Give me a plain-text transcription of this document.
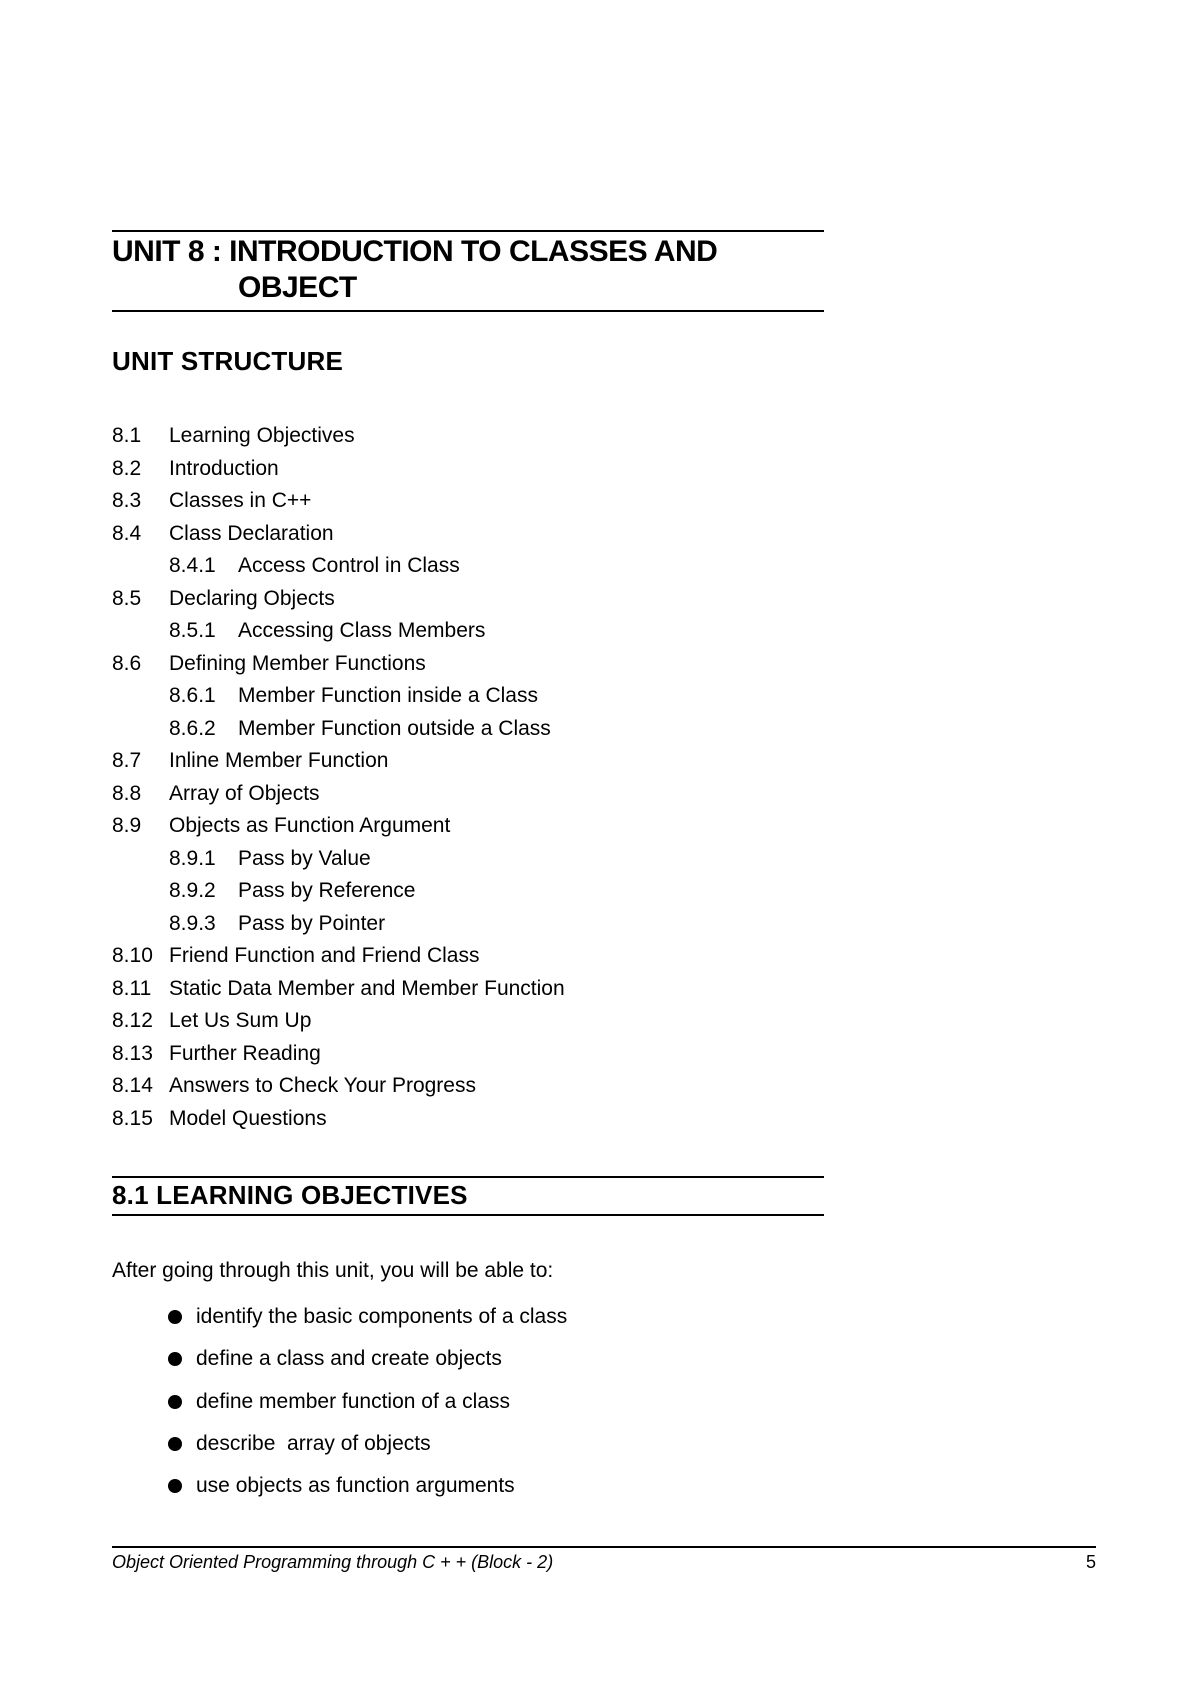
UNIT 8 : INTRODUCTION TO CLASSES AND
OBJECT
UNIT STRUCTURE
8.1 Learning Objectives
8.2 Introduction
8.3 Classes in C++
8.4 Class Declaration
8.4.1 Access Control in Class
8.5 Declaring Objects
8.5.1 Accessing Class Members
8.6 Defining Member Functions
8.6.1 Member Function inside a Class
8.6.2 Member Function outside a Class
8.7 Inline Member Function
8.8 Array of Objects
8.9 Objects as Function Argument
8.9.1 Pass by Value
8.9.2 Pass by Reference
8.9.3 Pass by Pointer
8.10 Friend Function and Friend Class
8.11 Static Data Member and Member Function
8.12 Let Us Sum Up
8.13 Further Reading
8.14 Answers to Check Your Progress
8.15 Model Questions
8.1 LEARNING OBJECTIVES
After going through this unit, you will be able to:
identify the basic components of a class
define a class and create objects
define member function of a class
describe  array of objects
use objects as function arguments
Object Oriented Programming through C + + (Block - 2)	5
